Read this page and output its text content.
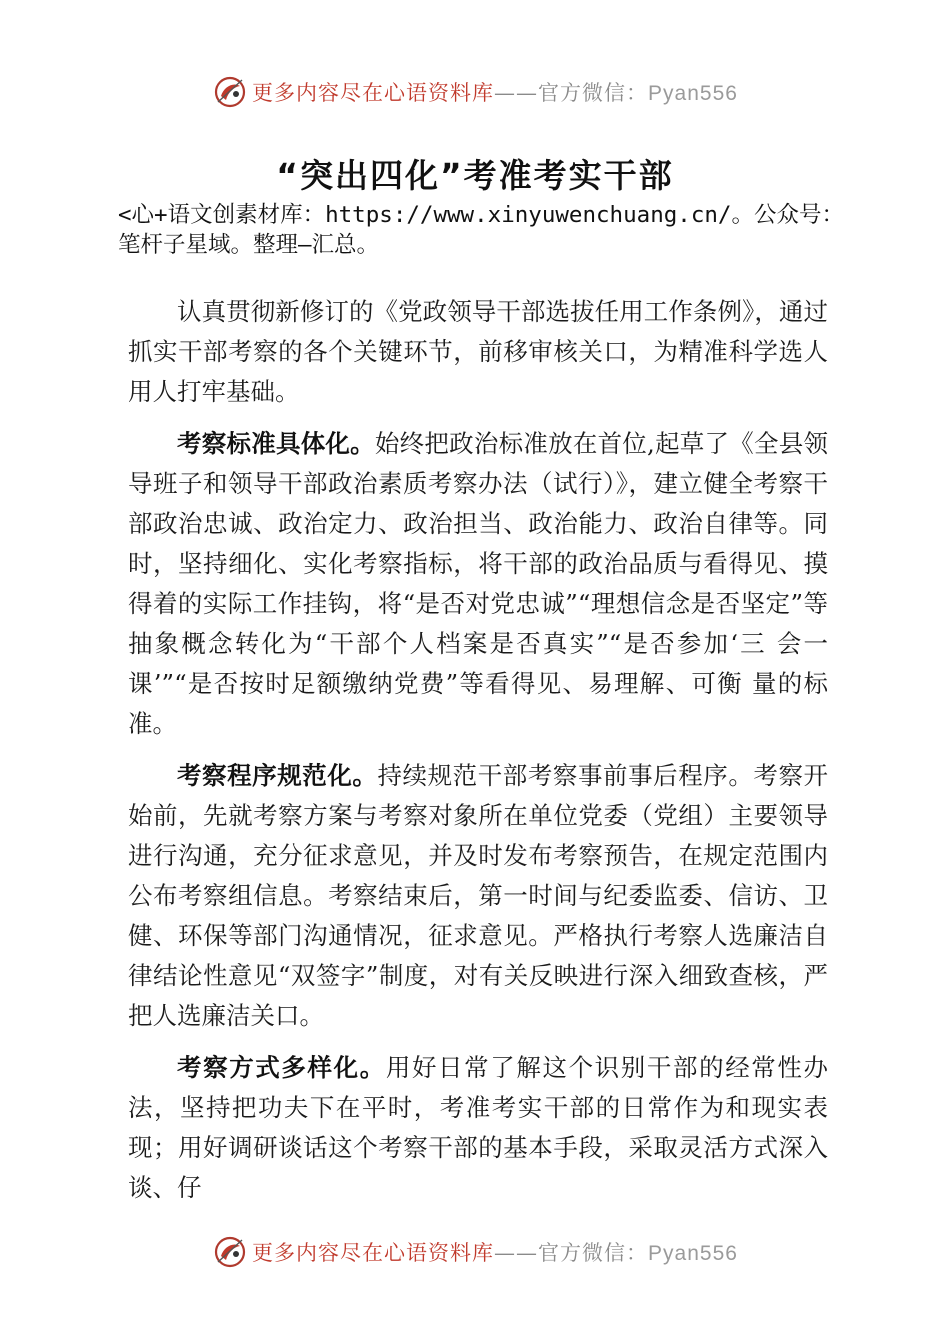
更多内容尽在心语资料库——官方微信：Pyan556
“突出四化”考准考实干部
<心+语文创素材库：https://www.xinyuwenchuang.cn/。公众号：笔杆子星域。整理—汇总。

认真贯彻新修订的《党政领导干部选拔任用工作条例》，通过抓实干部考察的各个关键环节，前移审核关口，为精准科学选人用人打牢基础。

考察标准具体化。始终把政治标准放在首位,起草了《全县领导班子和领导干部政治素质考察办法（试行）》，建立健全考察干部政治忠诚、政治定力、政治担当、政治能力、政治自律等。同时，坚持细化、实化考察指标，将干部的政治品质与看得见、摸得着的实际工作挂钩，将“是否对党忠诚”“理想信念是否坚定”等抽象概念转化为“干部个人档案是否真实”“是否参加‘三 会一课’”“是否按时足额缴纳党费”等看得见、易理解、可衡 量的标准。

考察程序规范化。持续规范干部考察事前事后程序。考察开始前，先就考察方案与考察对象所在单位党委（党组）主要领导进行沟通，充分征求意见，并及时发布考察预告，在规定范围内公布考察组信息。考察结束后，第一时间与纪委监委、信访、卫健、环保等部门沟通情况，征求意见。严格执行考察人选廉洁自律结论性意见“双签字”制度，对有关反映进行深入细致查核，严把人选廉洁关口。

考察方式多样化。用好日常了解这个识别干部的经常性办法，坚持把功夫下在平时，考准考实干部的日常作为和现实表现；用好调研谈话这个考察干部的基本手段，采取灵活方式深入谈、仔

更多内容尽在心语资料库——官方微信：Pyan556
